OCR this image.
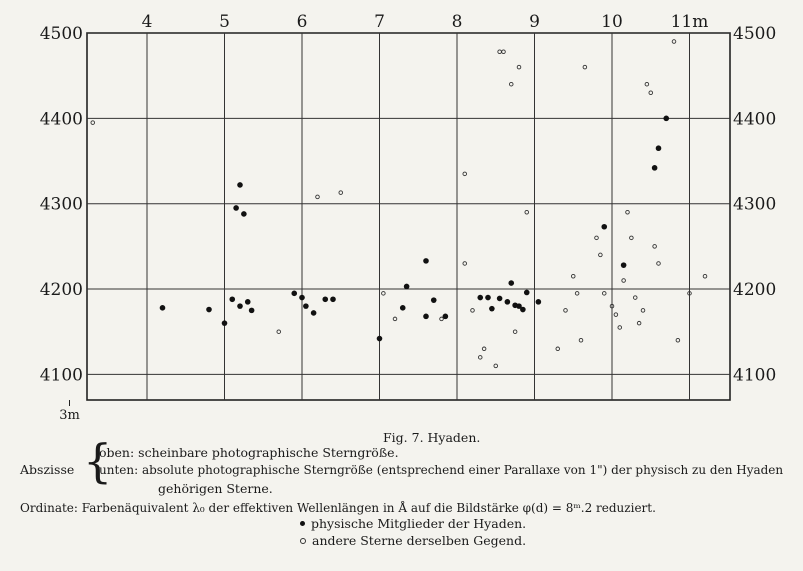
4	5	6	7	8	9	10	11m
3m
4100	4100
4200	4200
4300	4300
4400	4400
4500	4500
Fig. 7. Hyaden.
Abszisse {
oben: scheinbare photographische Sterngröße.
unten: absolute photographische Sterngröße (entsprechend einer Parallaxe von 1") der physisch zu den Hyaden
gehörigen Sterne.
Ordinate: Farbenäquivalent λ₀ der effektiven Wellenlängen in Å auf die Bildstärke φ(d) = 8ᵐ.2 reduziert.
physische Mitglieder der Hyaden.
andere Sterne derselben Gegend.
